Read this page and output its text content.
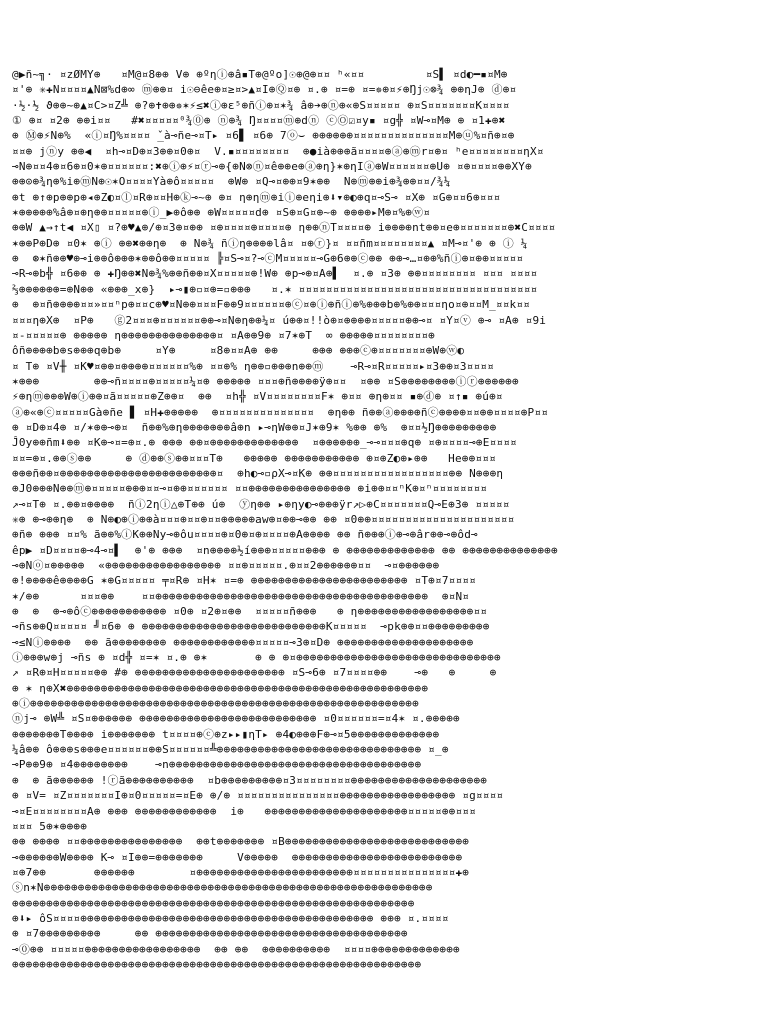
@▶ñ~╗· ¤zØMY⊕   ¤M@¤8⊕⊕ V⊕ ⊕ºηⓘ⊕â▪T⊕@ºo]☉⊕@⊕¤¤ ʰ«¤¤         ¤S▌ ¤d◐━▪¤M⊕
¤'⊕ ✳✚N¤¤¤¤▲N⊠%d⊕∞ ⓜ⊕⊕¤ i☉⊖êe⊕¤≥¤>▲¤I⊕Ⓠ¤⊕ ¤.⊕ ¤=⊕ ¤=✵⊕¤⚡⊕Ŋj☉⊗¾ ⊕⊕ηJ⊕ ⓓ⊕¤
·½·½ ϑ⊕⊕~⊕▲¤C>¤Z╩ ⊕?⊕✝⊕⊕✵✶⚡≤✖ⓘ⊕ε⁵⊕ñⓘ⊕¤✶¾ â⊕➔⊕ⓝ⊕«⊕S¤¤¤¤¤ ⊕¤S¤¤¤¤¤¤¤K¤¤¤¤
① ⊕¤ ¤2⊕ ⊕⊕i¤¤   #✖¤¤¤¤¤⁰¾⓪⊕ ⓝ⊕¾ Ŋ¤¤¤¤ⓜ⊕dⓝ ⓒⓄ☑¤y▪ ¤g╬ ¤W⊸¤M⊕ ⊕ ¤1✚⊕✖
⊕ Ⓜ⊕⚡N⊕%  «ⓘ¤Ŋ%¤¤¤¤ ̌_à⊸ñe⊸¤T▸ ¤6▋ ¤6⊕ 7ⓞ⌣ ⊕⊕⊕⊕⊕⊕¤¤¤¤¤¤¤¤¤¤¤¤¤¤M⊕ⓤ%¤ñ⊕¤⊕
¤¤⊕ jⓝy ⊕⊕◀  ¤h⊸¤D⊕¤3⊕⊕¤0⊕¤  V.▪¤¤¤¤¤¤¤¤  ⊕●ià⊕⊕⊕ã¤¤¤¤⊕ⓐ⊕ⓜr¤⊕¤ ʰe¤¤¤¤¤¤¤¤ηX¤
⊸N⊕¤¤4⊕¤6⊕¤0✶⊕¤¤¤¤¤¤:✖⊕ⓘ⊕⚡¤ⓡ⊸⊕{⊕N⊗ⓝ¤ê⊕⊕e⊕ⓐ⊕η}✶⊕ηIⓐ⊕W¤¤¤¤¤¤⊕U⊕ ¤⊕¤¤¤¤⊕⊕XY⊕
⊕⊕⊙⊕¾η⊕%i⊕ⓜN⊕☉✶O¤¤¤¤Yà⊕ô¤¤¤¤¤  ⊕W⊕ ¤Q⊸¤⊕⊕¤9✶⊕⊕  N⊕ⓜ⊕⊕i⊕¾⊕⊕¤¤/¾¼
⊕t ⊕↑⊕p⊕⊕p⊕◂⊕Z◐¤ⓛ¤R⊕¤¤H⊕ⓚ⊸~⊕ ⊕¤ η⊕ηⓜ⊕iⓘ⊕eηi⊕⬇▾⊕◐⊕q¤⊸S⊸ ¤X⊕ ¤G⊕¤¤6⊕¤¤¤
✶⊕⊕⊕⊕⊕%â⊕¤⊕η⊕⊕¤¤¤¤¤⊕ⓘ_▶⊕ô⊕⊕ ⊕W¤¤¤¤¤d⊕ ¤S⊕¤G¤⊕~⊕ ⊕⊕⊕⊕▸M⊕¤%⊕ⓦ¤
⊕⊕W ▲→↑t◀ ¤X▯ ¤?⊕♥▲⊕/⊕¤3⊕¤⊕⊕ ¤⊕¤¤¤¤⊕¤¤¤¤⊕ η⊕⊕ⓝT¤¤¤¤⊕ i⊕⊕⊕⊕nt⊕⊕¤e⊕¤¤¤¤¤¤¤⊕✖C¤¤¤¤
✶⊕⊕P⊕D⊕ ¤0✶ ⊕ⓘ ⊕⊕✖⊕⊕η⊕  ⊕ N⊕¾ ñⓘη⊕⊕⊕⊕lâ¤ ¤⊕ⓡ}¤ ¤¤ñm¤¤¤¤¤¤¤¤▲ ¤M⊸¤'⊕ ⊕ ⓘ ¼
⊕  ⊛✶ñ⊕⊕♥⊕⊸i⊕⊕ô⊕⊕⊕✶⊕⊕ô⊕⊕¤¤¤¤¤ ╠¤S⊸¤?⊸ⓒM¤¤¤¤¤⊸G⊕6⊕⊕ⓒ⊕⊕ ⊕⊕⊸…¤⊕⊕%ñⓘ⊕¤⊕⊕¤¤¤¤¤
⊸R⊸⊕b╬ ¤6⊕⊕ ⊕ ✚Ŋ⊕⊕✖N⊕¾%⊕⊕ñ⊕⊕¤X¤¤¤¤¤⊕!W⊕ ⊕p⊸⊕¤A⊕▌  ¤.⊕ ¤3⊕ ⊕⊕¤¤¤¤¤¤¤¤ ¤¤¤ ¤¤¤¤
⅔⊕⊕⊕⊕⊕⊕=⊕N⊕⊕ «⊕⊕⊕_x⊕}  ▸⊸▮⊕▫¤⊕=▫⊕⊕⊕   ¤.✶ ¤¤¤¤¤¤¤¤¤¤¤¤¤¤¤¤¤¤¤¤¤¤¤¤¤¤¤¤¤¤¤¤¤¤¤
⊕  ⊕¤ñ⊕⊕⊕⊕¤¤»¤¤ⁿp⊕¤¤c⊕♥¤N⊕⊕¤¤¤F⊕⊕9¤¤¤¤¤¤⊕ⓒ¤⊕ⓘ⊕ñⓘ⊕%⊕⊕⊕b⊕%⊕⊕¤¤¤ηo¤⊕¤¤M_¤¤k¤¤
¤¤¤η⊕X⊕  ¤P⊕   ⓖ2¤¤¤⊕¤¤¤¤¤¤⊕⊕⊸¤N⊕η⊕⊕¼¤ ú⊕⊕¤!!ò⊕¤⊕⊕⊕⊕¤¤¤¤¤⊕⊕⊸¤ ¤Y¤ⓥ ⊕⊸ ¤A⊕ ¤9i
¤-¤¤¤¤¤⊕ ⊕⊕⊕⊕⊕ η⊕⊕⊕⊕⊕⊕⊕⊕⊕⊕⊕⊕⊕⊕¤ ¤A⊕⊕9⊕ ¤7✶⊕T  ∞ ⊕⊕⊕⊕⊕¤¤¤¤¤¤¤¤⊕
ôñ⊕⊕⊕⊕b⊕s⊕⊕⊕q⊕b⊕     ¤Y⊕     ¤8⊕¤¤A⊕ ⊕⊕     ⊕⊕⊕ ⊕⊕⊕ⓒ⊕¤¤¤¤¤¤¤⊕W⊕ⓦ◐
¤ T⊕ ¤V╫ ¤K♥¤⊕⊕¤⊕⊕⊕⊕¤¤¤¤¤¤%⊕ ¤¤⊕% η⊕⊕▫⊕⊕⊕n⊕⊕ⓜ    ⊸R⊸¤R¤¤¤¤¤▸¤3⊕⊕¤3¤¤¤¤
✶⊕⊕⊕        ⊕⊕⊸ñ¤¤¤¤⊕¤¤¤¤¤¼¤⊕ ⊕⊕⊕⊕⊕ ¤¤¤⊕ñ⊕⊕⊕⊕ÿ⊕¤¤  ¤⊕⊕ ¤S⊕⊕⊕⊕⊕⊕⊕⊕ⓘⓡ⊕⊕⊕⊕⊕⊕
⚡⊕ηⓜ⊕⊕⊕W⊕ⓘ⊕⊕¤ã¤¤¤¤¤⊕Z⊕⊕¤  ⊕⊕  ¤h╬ ¤V¤¤¤¤¤¤¤¤F✶ ⊕¤¤ ⊕η⊕¤¤ ▪⊕ⓓ⊕ ¤↑▪ ⊕ú⊕¤
ⓐ⊕«⊕ⓒ¤¤¤¤¤Gà⊕ñe ▋ ¤H✚⊕⊕⊕⊕⊕  ⊕¤¤¤¤¤¤¤¤¤¤¤¤¤¤  ⊕η⊕⊕ ñ⊕⊕ⓐ⊕⊕⊕⊕ñⓒ⊕⊕⊕⊕¤¤⊕⊕¤¤¤¤⊕P¤¤
⊕ ¤D⊕¤4⊕ ¤/✶⊕⊕⊸⊕¤  ñ⊕⊕%⊕η⊕⊕⊕⊕⊕⊕⊕â⊕n ▸⊸ηW⊕⊕¤J✶⊕9✶ %⊕⊕ ⊕%  ⊕¤¤½Ŋ⊕⊕⊕⊕⊕⊕⊕⊕⊕
Ĵ0y⊕⊕ñm⬇⊕⊕ ¤K⊕⊸¤=⊕¤.⊕ ⊕⊕⊕ ⊕⊕¤⊕⊕⊕⊕⊕⊕⊕⊕⊕⊕⊕⊕⊕  ¤⊕⊕⊕⊕⊕⊕_⊸⊸¤¤¤⊕q⊕ ¤⊕¤¤¤¤⊸⊕E¤¤¤¤
¤¤=⊕¤.⊕⊕ⓢ⊕⊕     ⊕ ⓓ⊕⊕ⓢ⊕⊕¤¤¤T⊕   ⊕⊕⊕⊕⊕ ⊕⊕⊕⊕⊕⊕⊕⊕⊕⊕⊕ ⊕¤⊕Z◐⊕▸⊕⊕   He⊕⊕¤¤¤
⊕⊕⊕ñ⊕⊕¤⊕⊕⊕⊕⊕⊕⊕⊕⊕⊕⊕⊕⊕⊕⊕⊕⊕⊕⊕⊕⊕⊕⊕¤  ⊕h◐⊸▫ρX⊸¤K⊕ ⊕⊕¤¤¤¤¤¤¤¤¤¤¤¤¤¤¤¤¤⊕⊕ N⊕⊕⊕η
⊕J0⊕⊕⊕N⊕⊕ⓜ⊕¤¤¤¤¤⊕⊕⊕¤¤⊸¤⊕⊕¤¤¤¤¤¤ ¤¤⊕⊕⊕⊕⊕⊕⊕⊕⊕⊕⊕⊕⊕⊕⊕ ⊕i⊕⊕¤¤ⁿK⊕¤ⁿ¤¤¤¤¤¤¤¤
↗⊸¤T⊕ ¤.⊕⊕¤⊕⊕⊕⊕  ñⓘ2ηⓘ△⊕T⊕⊕ ú⊕  ⓨη⊕⊕ ▸⊕ηy◐⊸⊕⊕⊕ÿr↗▷⊕C¤¤¤¤¤¤¤Q⊸E⊕3⊕ ¤¤¤¤¤
✳⊕ ⊕⊸⊕⊕η⊕  ⊕ N⊕◐⊕ⓘ⊕⊕à¤¤¤⊕¤¤⊕¤¤⊕⊕⊕⊕⊕aw⊕¤⊕⊕⊸⊕⊕ ⊕⊕ ¤0⊕⊕¤¤¤¤¤¤¤¤¤¤¤¤¤¤¤¤¤¤¤¤¤
⊕ñ⊕ ⊕⊕⊕ ¤¤% ã⊕⊕%ⓘK⊕⊕Ny⊸⊕ôu¤¤¤¤⊕¤0⊕¤⊕¤¤¤¤⊕A⊕⊕⊕⊕ ⊕⊕ ñ⊕⊕⊕ⓘ⊕⊸⊕âr⊕⊕⊸⊕ôd⊸
êp▶ ¤D¤¤¤¤⊕⊸4⊸¤▌  ⊕'⊕ ⊕⊕⊕  ¤n⊕⊕⊕⊕½í⊕⊕⊕¤¤¤¤¤⊕⊕⊕ ⊕ ⊕⊕⊕⊕⊕⊕⊕⊕⊕⊕⊕⊕⊕ ⊕⊕ ⊕⊕⊕⊕⊕⊕⊕⊕⊕⊕⊕⊕⊕⊕
⊸⊕Nⓞ¤⊕⊕⊕⊕⊕  «⊕⊕⊕⊕⊕⊕⊕⊕⊕⊕⊕⊕⊕⊕⊕⊕⊕ ¤¤⊕¤¤¤¤¤.⊕¤¤2⊕⊕⊕⊕⊕⊕¤¤  ⊸¤⊕⊕⊕⊕⊕⊕
⊕!⊕⊕⊕⊕ê⊕⊕⊕⊕G ✶⊕G¤¤¤¤¤ ╤¤R⊕ ¤H✶ ¤=⊕ ⊕⊕⊕⊕⊕⊕⊕⊕⊕⊕⊕⊕⊕⊕⊕⊕⊕⊕⊕⊕⊕⊕⊕ ¤T⊕¤7¤¤¤¤
✶/⊕⊕      ¤¤¤⊕⊕    ¤¤⊕⊕⊕⊕⊕⊕⊕⊕⊕⊕⊕⊕⊕⊕⊕⊕⊕⊕⊕⊕⊕⊕⊕⊕⊕⊕⊕⊕⊕⊕⊕⊕⊕⊕⊕⊕⊕⊕⊕⊕  ⊕¤N¤
⊕  ⊕  ⊕⊸⊕ôⓒ⊕⊕⊕⊕⊕⊕⊕⊕⊕⊕⊕ ¤0⊕ ¤2⊕¤⊕⊕  ¤¤¤¤¤ñ⊕⊕⊕   ⊕ η⊕⊕⊕⊕⊕⊕⊕⊕⊕⊕⊕⊕⊕⊕⊕⊕⊕¤¤
⊸ñs⊕⊕Q¤¤¤¤¤ ╝¤6⊕ ⊕ ⊕⊕⊕⊕⊕⊕⊕⊕⊕⊕⊕⊕⊕⊕⊕⊕⊕⊕⊕⊕⊕⊕⊕⊕⊕⊕⊕K¤¤¤¤¤  ⊸pk⊕⊕¤¤⊕⊕⊕⊕⊕⊕⊕⊕⊕
⊸≤Nⓘ⊕⊕⊕⊕  ⊕⊕ ã⊕⊕⊕⊕⊕⊕⊕⊕ ⊕⊕⊕⊕⊕⊕⊕⊕⊕⊕⊕⊕¤¤¤¤¤⊸3⊕¤D⊕ ⊕⊕⊕⊕⊕⊕⊕⊕⊕⊕⊕⊕⊕⊕⊕⊕⊕⊕⊕⊕
ⓘ⊕⊕⊕w⊕j ⊸ñs ⊕ ¤d╬ ¤=✶ ¤.⊕ ⊕✶       ⊕ ⊕ ⊕¤⊕⊕⊕⊕⊕⊕⊕⊕⊕⊕⊕⊕⊕⊕⊕⊕⊕⊕⊕⊕⊕⊕⊕⊕⊕⊕⊕⊕⊕⊕
↗ ¤R⊕¤H¤¤¤¤¤⊕⊕ #⊕ ⊕⊕⊕⊕⊕⊕⊕⊕⊕⊕⊕⊕⊕⊕⊕⊕⊕⊕⊕⊕⊕⊕ ¤S⊸6⊕ ¤7¤¤¤¤⊕⊕    ⊸⊕   ⊕     ⊕
⊕ ✶ η⊕X✖⊕⊕⊕⊕⊕⊕⊕⊕⊕⊕⊕⊕⊕⊕⊕⊕⊕⊕⊕⊕⊕⊕⊕⊕⊕⊕⊕⊕⊕⊕⊕⊕⊕⊕⊕⊕⊕⊕⊕⊕⊕⊕⊕⊕⊕⊕⊕⊕⊕⊕⊕⊕⊕
⊕ⓘ⊕⊕⊕⊕⊕⊕⊕⊕⊕⊕⊕⊕⊕⊕⊕⊕⊕⊕⊕⊕⊕⊕⊕⊕⊕⊕⊕⊕⊕⊕⊕⊕⊕⊕⊕⊕⊕⊕⊕⊕⊕⊕⊕⊕⊕⊕⊕⊕⊕⊕⊕⊕⊕⊕⊕⊕⊕
ⓝj⊸ ⊕W╩ ¤S¤⊕⊕⊕⊕⊕⊕ ⊕⊕⊕⊕⊕⊕⊕⊕⊕⊕⊕⊕⊕⊕⊕⊕⊕⊕⊕⊕⊕⊕⊕⊕⊕⊕ ¤0¤¤¤¤¤¤=¤4✶ ¤.⊕⊕⊕⊕⊕
⊕⊕⊕⊕⊕⊕⊕T⊕⊕⊕⊕ i⊕⊕⊕⊕⊕⊕⊕ t¤¤¤¤⊕ⓒ⊕z▸▸▮ηT▸ ⊕4◐⊕⊕⊕F⊕⊸¤5⊕⊕⊕⊕⊕⊕⊕⊕⊕⊕⊕⊕⊕
¼â⊕⊕ ô⊕⊕⊕s⊕⊕⊕e¤¤¤¤¤¤⊕⊕S¤¤¤¤¤¤╩⊕⊕⊕⊕⊕⊕⊕⊕⊕⊕⊕⊕⊕⊕⊕⊕⊕⊕⊕⊕⊕⊕⊕⊕⊕⊕⊕⊕⊕⊕ ¤_⊕
⊸P⊕⊕9⊕ ¤4⊕⊕⊕⊕⊕⊕⊕⊕    ⊸n⊕⊕⊕⊕⊕⊕⊕⊕⊕⊕⊕⊕⊕⊕⊕⊕⊕⊕⊕⊕⊕⊕⊕⊕⊕⊕⊕⊕⊕⊕⊕⊕⊕⊕⊕⊕⊕
⊕  ⊕ ã⊕⊕⊕⊕⊕⊕ !ⓡã⊕⊕⊕⊕⊕⊕⊕⊕⊕⊕  ¤b⊕⊕⊕⊕⊕⊕⊕⊕⊕¤3¤¤¤¤¤¤¤¤⊕⊕⊕⊕⊕⊕⊕⊕⊕⊕⊕⊕⊕⊕⊕⊕⊕⊕⊕⊕
⊕ ¤V= ¤Z¤¤¤¤¤¤¤I⊕¤0¤¤¤¤¤=¤E⊕ ⊕/⊕ ¤¤¤¤¤¤¤¤¤¤¤¤¤¤¤⊕⊕⊕⊕⊕⊕⊕⊕⊕⊕⊕⊕⊕⊕⊕⊕⊕ ¤g¤¤¤¤
⊸¤E¤¤¤¤¤¤¤¤A⊕ ⊕⊕⊕ ⊕⊕⊕⊕⊕⊕⊕⊕⊕⊕⊕⊕  i⊕   ⊕⊕⊕⊕⊕⊕⊕⊕⊕⊕⊕⊕⊕⊕⊕⊕⊕⊕⊕⊕⊕¤¤¤¤¤⊕⊕¤¤¤
¤¤¤ 5⊕✶⊕⊕⊕⊕
⊕⊕ ⊕⊕⊕⊕ ¤¤⊕⊕⊕⊕⊕⊕⊕⊕⊕⊕⊕⊕⊕⊕⊕  ⊕⊕t⊕⊕⊕⊕⊕⊕⊕ ¤B⊕⊕⊕⊕⊕⊕⊕⊕⊕⊕⊕⊕⊕⊕⊕⊕⊕⊕⊕⊕⊕⊕⊕⊕⊕⊕⊕
⊸⊕⊕⊕⊕⊕⊕W⊕⊕⊕⊕ K⊸ ¤I⊕⊕=⊕⊕⊕⊕⊕⊕⊕     V⊕⊕⊕⊕⊕  ⊕⊕⊕⊕⊕⊕⊕⊕⊕⊕⊕⊕⊕⊕⊕⊕⊕⊕⊕⊕⊕⊕⊕⊕⊕
¤⊕7⊕⊕       ⊕⊕⊕⊕⊕⊕        ¤⊕⊕⊕⊕⊕⊕⊕⊕⊕⊕⊕⊕⊕⊕⊕⊕⊕⊕⊕⊕⊕⊕⊕¤¤¤¤¤¤¤¤¤¤¤¤¤¤¤✚⊕
ⓢn✶N⊕⊕⊕⊕⊕⊕⊕⊕⊕⊕⊕⊕⊕⊕⊕⊕⊕⊕⊕⊕⊕⊕⊕⊕⊕⊕⊕⊕⊕⊕⊕⊕⊕⊕⊕⊕⊕⊕⊕⊕⊕⊕⊕⊕⊕⊕⊕⊕⊕⊕⊕⊕⊕⊕⊕⊕⊕
⊕⊕⊕⊕⊕⊕⊕⊕⊕⊕⊕⊕⊕⊕⊕⊕⊕⊕⊕⊕⊕⊕⊕⊕⊕⊕⊕⊕⊕⊕⊕⊕⊕⊕⊕⊕⊕⊕⊕⊕⊕⊕⊕⊕⊕⊕⊕⊕⊕⊕⊕⊕⊕⊕⊕⊕⊕⊕⊕
⊕⬇▸ ôS¤¤¤¤⊕⊕⊕⊕⊕⊕⊕⊕⊕⊕⊕⊕⊕⊕⊕⊕⊕⊕⊕⊕⊕⊕⊕⊕⊕⊕⊕⊕⊕⊕⊕⊕⊕⊕⊕⊕⊕⊕⊕⊕⊕⊕⊕ ⊕⊕⊕ ¤.¤¤¤¤
⊕ ¤7⊕⊕⊕⊕⊕⊕⊕⊕⊕     ⊕⊕ ⊕⊕⊕⊕⊕⊕⊕⊕⊕⊕⊕⊕⊕⊕⊕⊕⊕⊕⊕⊕⊕⊕⊕⊕⊕⊕⊕⊕⊕⊕⊕⊕⊕⊕⊕⊕⊕
⊸⓪⊕⊕ ¤¤¤¤¤⊕⊕⊕⊕⊕⊕⊕⊕⊕⊕⊕⊕⊕⊕⊕⊕⊕  ⊕⊕ ⊕⊕  ⊕⊕⊕⊕⊕⊕⊕⊕⊕⊕  ¤¤¤¤⊕⊕⊕⊕⊕⊕⊕⊕⊕⊕⊕⊕⊕
⊕⊕⊕⊕⊕⊕⊕⊕⊕⊕⊕⊕⊕⊕⊕⊕⊕⊕⊕⊕⊕⊕⊕⊕⊕⊕⊕⊕⊕⊕⊕⊕⊕⊕⊕⊕⊕⊕⊕⊕⊕⊕⊕⊕⊕⊕⊕⊕⊕⊕⊕⊕⊕⊕⊕⊕⊕⊕⊕⊕
